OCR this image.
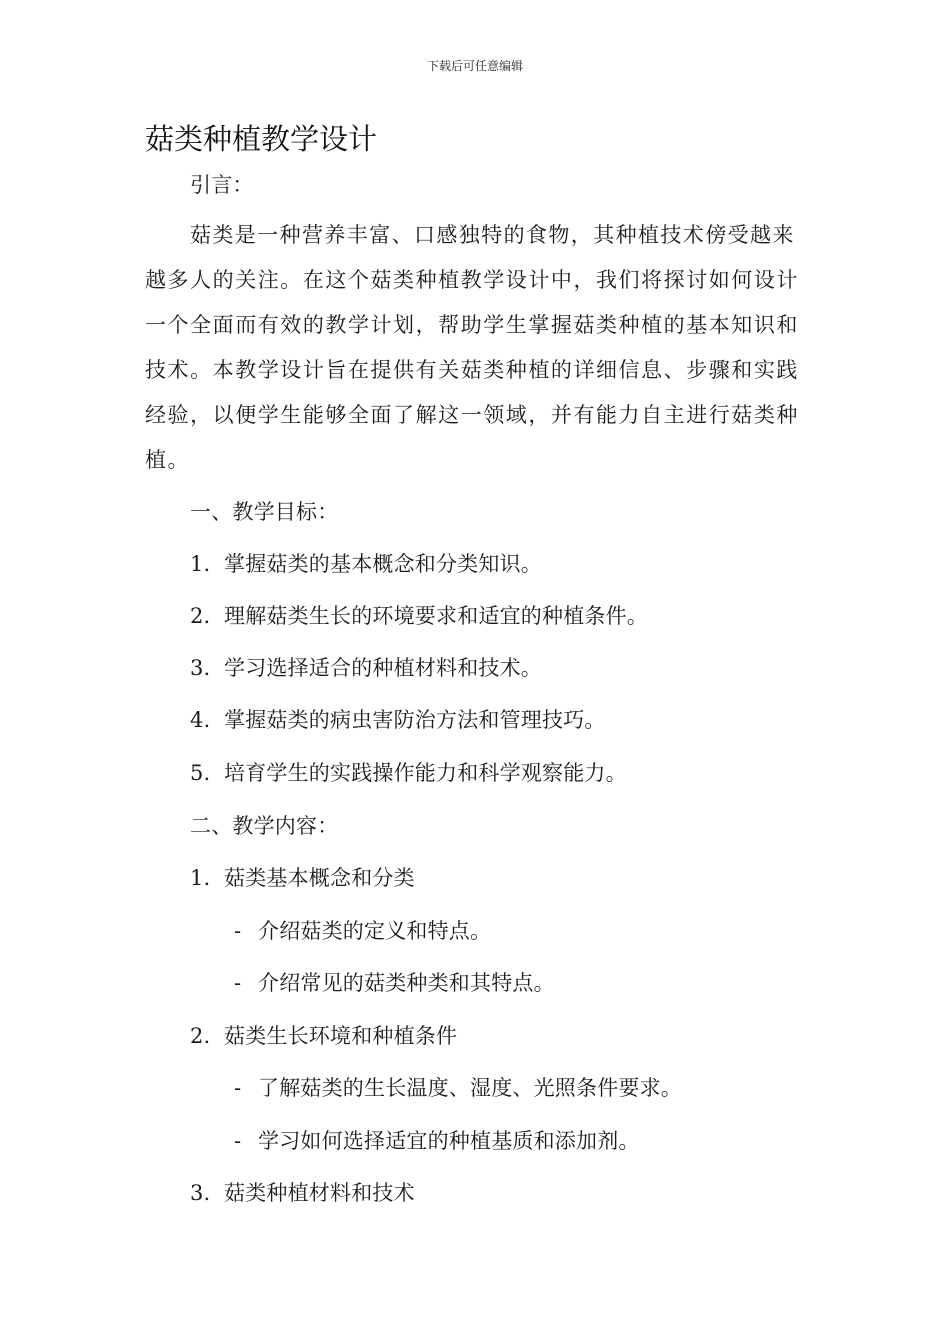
下载后可任意编辑
菇类种植教学设计
引言：
菇类是一种营养丰富、口感独特的食物，其种植技术傍受越来
越多人的关注。在这个菇类种植教学设计中，我们将探讨如何设计
一个全面而有效的教学计划，帮助学生掌握菇类种植的基本知识和
技术。本教学设计旨在提供有关菇类种植的详细信息、步骤和实践
经验，以便学生能够全面了解这一领域，并有能力自主进行菇类种
植。
一、教学目标：
1. 掌握菇类的基本概念和分类知识。
2. 理解菇类生长的环境要求和适宜的种植条件。
3. 学习选择适合的种植材料和技术。
4. 掌握菇类的病虫害防治方法和管理技巧。
5. 培育学生的实践操作能力和科学观察能力。
二、教学内容：
1. 菇类基本概念和分类
- 介绍菇类的定义和特点。
- 介绍常见的菇类种类和其特点。
2. 菇类生长环境和种植条件
- 了解菇类的生长温度、湿度、光照条件要求。
- 学习如何选择适宜的种植基质和添加剂。
3. 菇类种植材料和技术
